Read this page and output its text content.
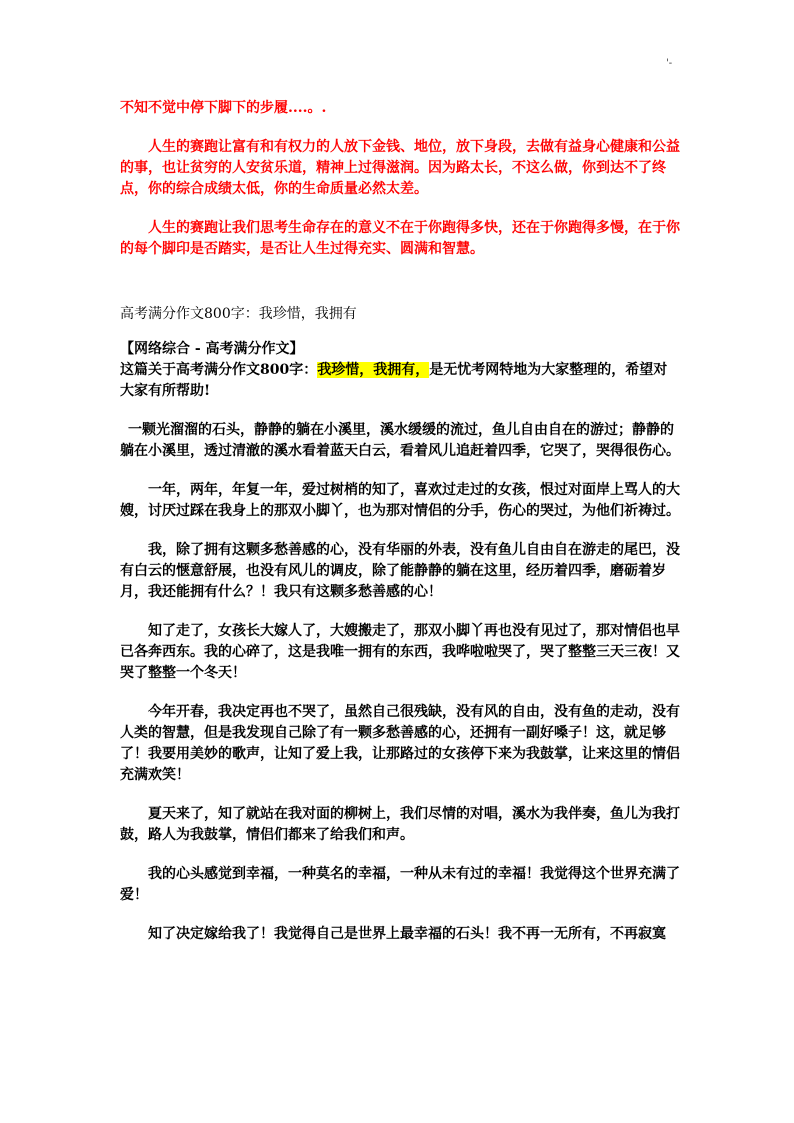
'-

不知不觉中停下脚下的步履....。.

人生的赛跑让富有和有权力的人放下金钱、地位，放下身段，去做有益身心健康和公益的事，也让贫穷的人安贫乐道，精神上过得滋润。因为路太长，不这么做，你到达不了终点，你的综合成绩太低，你的生命质量必然太差。

人生的赛跑让我们思考生命存在的意义不在于你跑得多快，还在于你跑得多慢，在于你的每个脚印是否踏实，是否让人生过得充实、圆满和智慧。

高考满分作文800字：我珍惜，我拥有

【网络综合 - 高考满分作文】

这篇关于高考满分作文800字：我珍惜，我拥有，是无忧考网特地为大家整理的，希望对大家有所帮助!

一颗光溜溜的石头，静静的躺在小溪里，溪水缓缓的流过，鱼儿自由自在的游过；静静的躺在小溪里，透过清澈的溪水看着蓝天白云，看着风儿追赶着四季，它哭了，哭得很伤心。

一年，两年，年复一年，爱过树梢的知了，喜欢过走过的女孩，恨过对面岸上骂人的大嫂，讨厌过踩在我身上的那双小脚丫，也为那对情侣的分手，伤心的哭过，为他们祈祷过。

我，除了拥有这颗多愁善感的心，没有华丽的外表，没有鱼儿自由自在游走的尾巴，没有白云的惬意舒展，也没有风儿的调皮，除了能静静的躺在这里，经历着四季，磨砺着岁月，我还能拥有什么？！我只有这颗多愁善感的心！

知了走了，女孩长大嫁人了，大嫂搬走了，那双小脚丫再也没有见过了，那对情侣也早已各奔西东。我的心碎了，这是我唯一拥有的东西，我哗啦啦哭了，哭了整整三天三夜！又哭了整整一个冬天！

今年开春，我决定再也不哭了，虽然自己很残缺，没有风的自由，没有鱼的走动，没有人类的智慧，但是我发现自己除了有一颗多愁善感的心，还拥有一副好嗓子！这，就足够了！我要用美妙的歌声，让知了爱上我，让那路过的女孩停下来为我鼓掌，让来这里的情侣充满欢笑！

夏天来了，知了就站在我对面的柳树上，我们尽情的对唱，溪水为我伴奏，鱼儿为我打鼓，路人为我鼓掌，情侣们都来了给我们和声。

我的心头感觉到幸福，一种莫名的幸福，一种从未有过的幸福！我觉得这个世界充满了爱！

知了决定嫁给我了！我觉得自己是世界上最幸福的石头！我不再一无所有，不再寂寞
